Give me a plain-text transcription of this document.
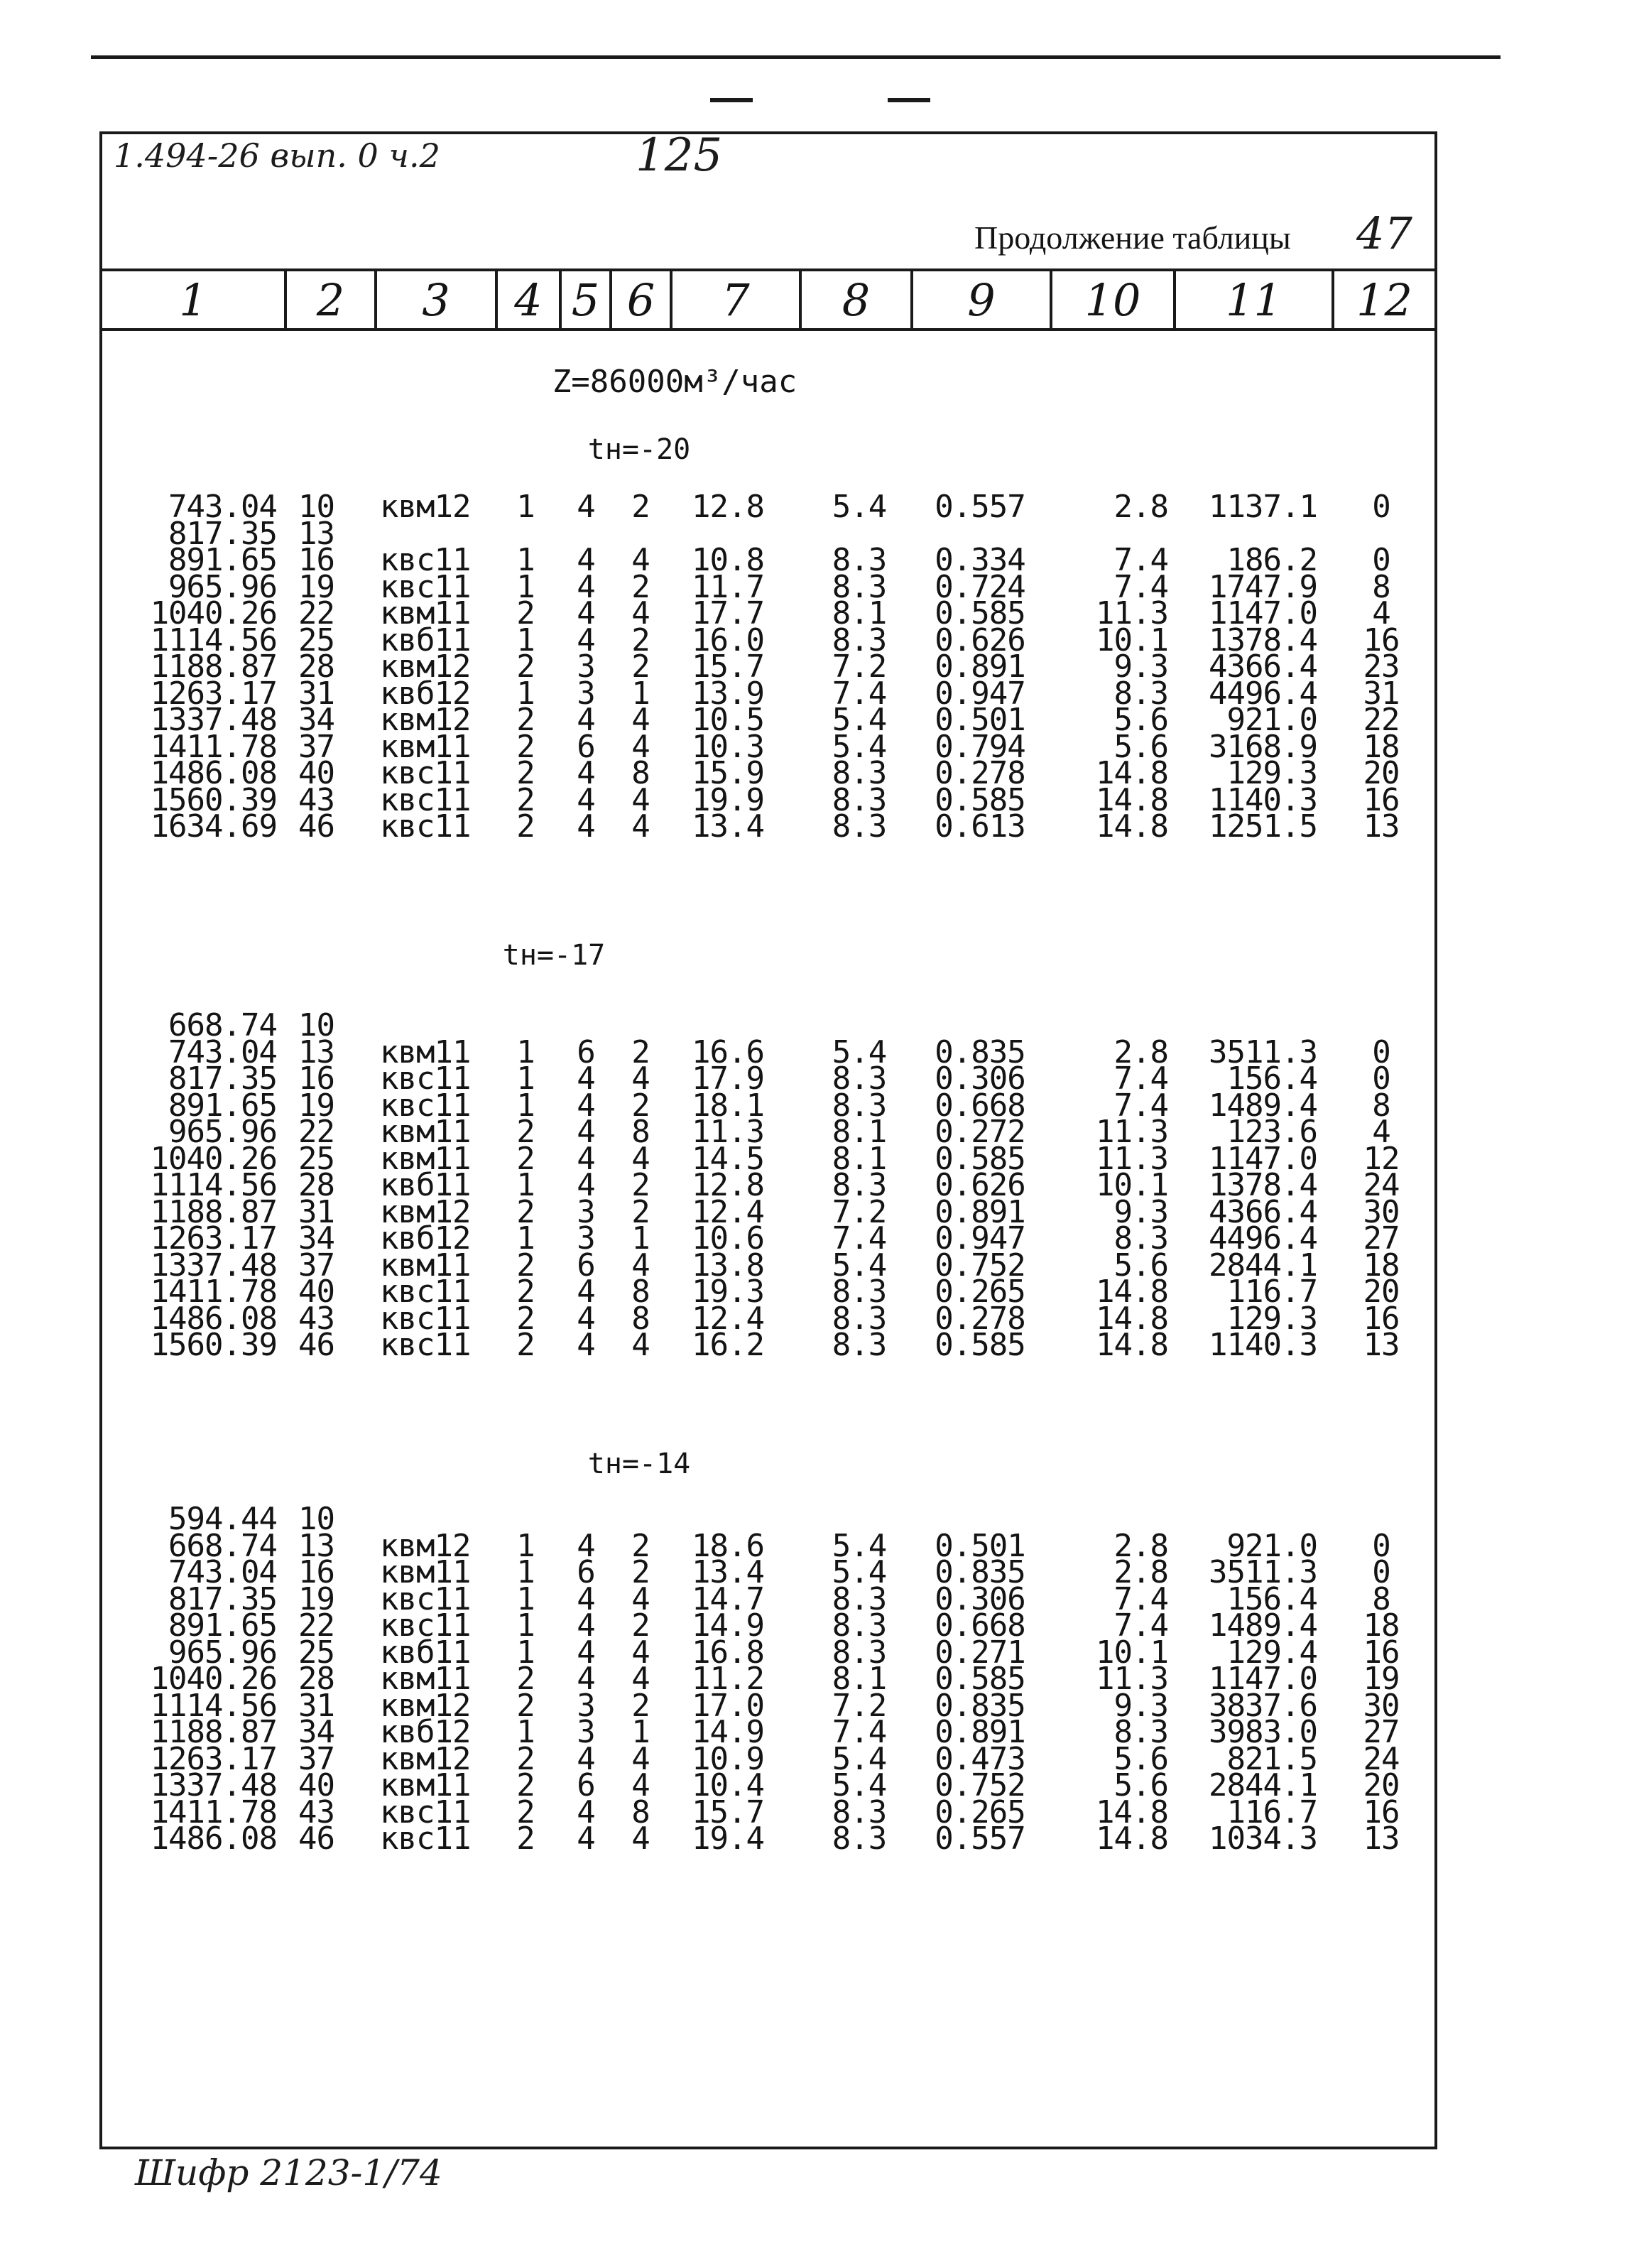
1.494-26 вып. 0 ч.2	125
Продолжение таблицы 47
1	2	3	4 5 6	7	8	9	10	11	12
Z=86000м³/час
tн=-20
tн=-17
tн=-14
743.04 10	квм12	1	4	2	12.8	5.4	0.557	2.8	1137.1	0
817.35 13
891.65 16	квс11	1	4	4	10.8	8.3	0.334	7.4	186.2	0
965.96 19	квс11	1	4	2	11.7	8.3	0.724	7.4	1747.9	8
1040.26 22	квм11	2	4	4	17.7	8.1	0.585	11.3	1147.0	4
1114.56 25	квб11	1	4	2	16.0	8.3	0.626	10.1	1378.4	16
1188.87 28	квм12	2	3	2	15.7	7.2	0.891	9.3	4366.4	23
1263.17 31	квб12	1	3	1	13.9	7.4	0.947	8.3	4496.4	31
1337.48 34	квм12	2	4	4	10.5	5.4	0.501	5.6	921.0	22
1411.78 37	квм11	2	6	4	10.3	5.4	0.794	5.6	3168.9	18
1486.08 40	квс11	2	4	8	15.9	8.3	0.278	14.8	129.3	20
1560.39 43	квс11	2	4	4	19.9	8.3	0.585	14.8	1140.3	16
1634.69 46	квс11	2	4	4	13.4	8.3	0.613	14.8	1251.5	13
668.74 10
743.04 13	квм11	1	6	2	16.6	5.4	0.835	2.8	3511.3	0
817.35 16	квс11	1	4	4	17.9	8.3	0.306	7.4	156.4	0
891.65 19	квс11	1	4	2	18.1	8.3	0.668	7.4	1489.4	8
965.96 22	квм11	2	4	8	11.3	8.1	0.272	11.3	123.6	4
1040.26 25	квм11	2	4	4	14.5	8.1	0.585	11.3	1147.0	12
1114.56 28	квб11	1	4	2	12.8	8.3	0.626	10.1	1378.4	24
1188.87 31	квм12	2	3	2	12.4	7.2	0.891	9.3	4366.4	30
1263.17 34	квб12	1	3	1	10.6	7.4	0.947	8.3	4496.4	27
1337.48 37	квм11	2	6	4	13.8	5.4	0.752	5.6	2844.1	18
1411.78 40	квс11	2	4	8	19.3	8.3	0.265	14.8	116.7	20
1486.08 43	квс11	2	4	8	12.4	8.3	0.278	14.8	129.3	16
1560.39 46	квс11	2	4	4	16.2	8.3	0.585	14.8	1140.3	13
594.44 10
668.74 13	квм12	1	4	2	18.6	5.4	0.501	2.8	921.0	0
743.04 16	квм11	1	6	2	13.4	5.4	0.835	2.8	3511.3	0
817.35 19	квс11	1	4	4	14.7	8.3	0.306	7.4	156.4	8
891.65 22	квс11	1	4	2	14.9	8.3	0.668	7.4	1489.4	18
965.96 25	квб11	1	4	4	16.8	8.3	0.271	10.1	129.4	16
1040.26 28	квм11	2	4	4	11.2	8.1	0.585	11.3	1147.0	19
1114.56 31	квм12	2	3	2	17.0	7.2	0.835	9.3	3837.6	30
1188.87 34	квб12	1	3	1	14.9	7.4	0.891	8.3	3983.0	27
1263.17 37	квм12	2	4	4	10.9	5.4	0.473	5.6	821.5	24
1337.48 40	квм11	2	6	4	10.4	5.4	0.752	5.6	2844.1	20
1411.78 43	квс11	2	4	8	15.7	8.3	0.265	14.8	116.7	16
1486.08 46	квс11	2	4	4	19.4	8.3	0.557	14.8	1034.3	13
Шифр 2123-1/74
